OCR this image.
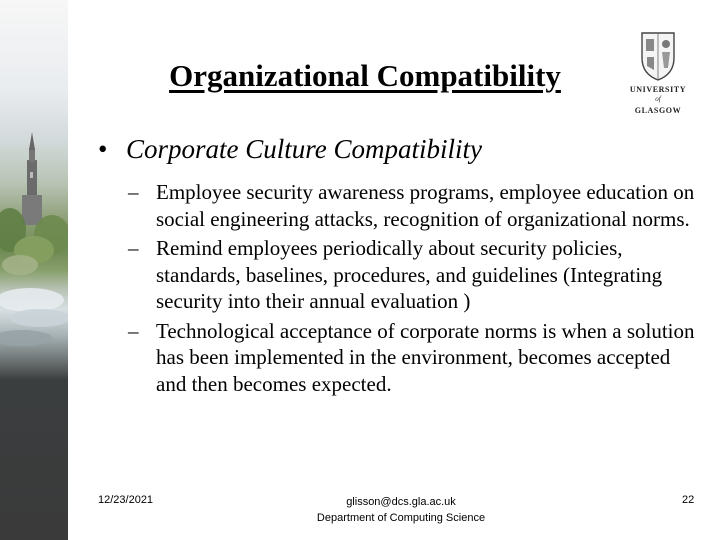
Organizational Compatibility	UNIVERSITY
of
GLASGOW
• Corporate Culture Compatibility
– Employee security awareness programs, employee education on social engineering attacks, recognition of organizational norms.
– Remind employees periodically about security policies, standards, baselines, procedures, and guidelines (Integrating security into their annual evaluation )
– Technological acceptance of corporate norms is when a solution has been implemented in the environment, becomes accepted and then becomes expected.
12/23/2021	glisson@dcs.gla.ac.uk
Department of Computing Science
22
